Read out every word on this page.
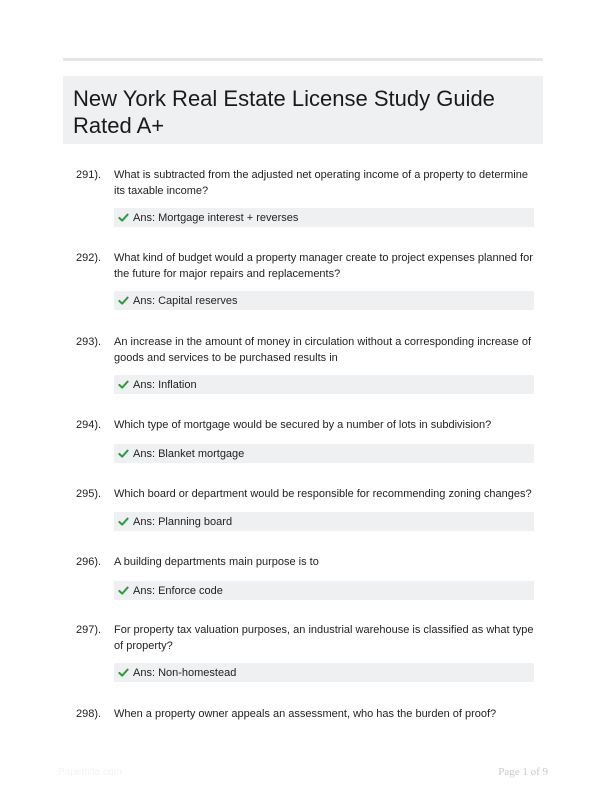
New York Real Estate License Study Guide Rated A+
291). What is subtracted from the adjusted net operating income of a property to determine its taxable income?
Ans: Mortgage interest + reverses
292). What kind of budget would a property manager create to project expenses planned for the future for major repairs and replacements?
Ans: Capital reserves
293). An increase in the amount of money in circulation without a corresponding increase of goods and services to be purchased results in
Ans: Inflation
294). Which type of mortgage would be secured by a number of lots in subdivision?
Ans: Blanket mortgage
295). Which board or department would be responsible for recommending zoning changes?
Ans: Planning board
296). A building departments main purpose is to
Ans: Enforce code
297). For property tax valuation purposes, an industrial warehouse is classified as what type of property?
Ans: Non-homestead
298). When a property owner appeals an assessment, who has the burden of proof?
Papertitle.com	Page 1 of 9
